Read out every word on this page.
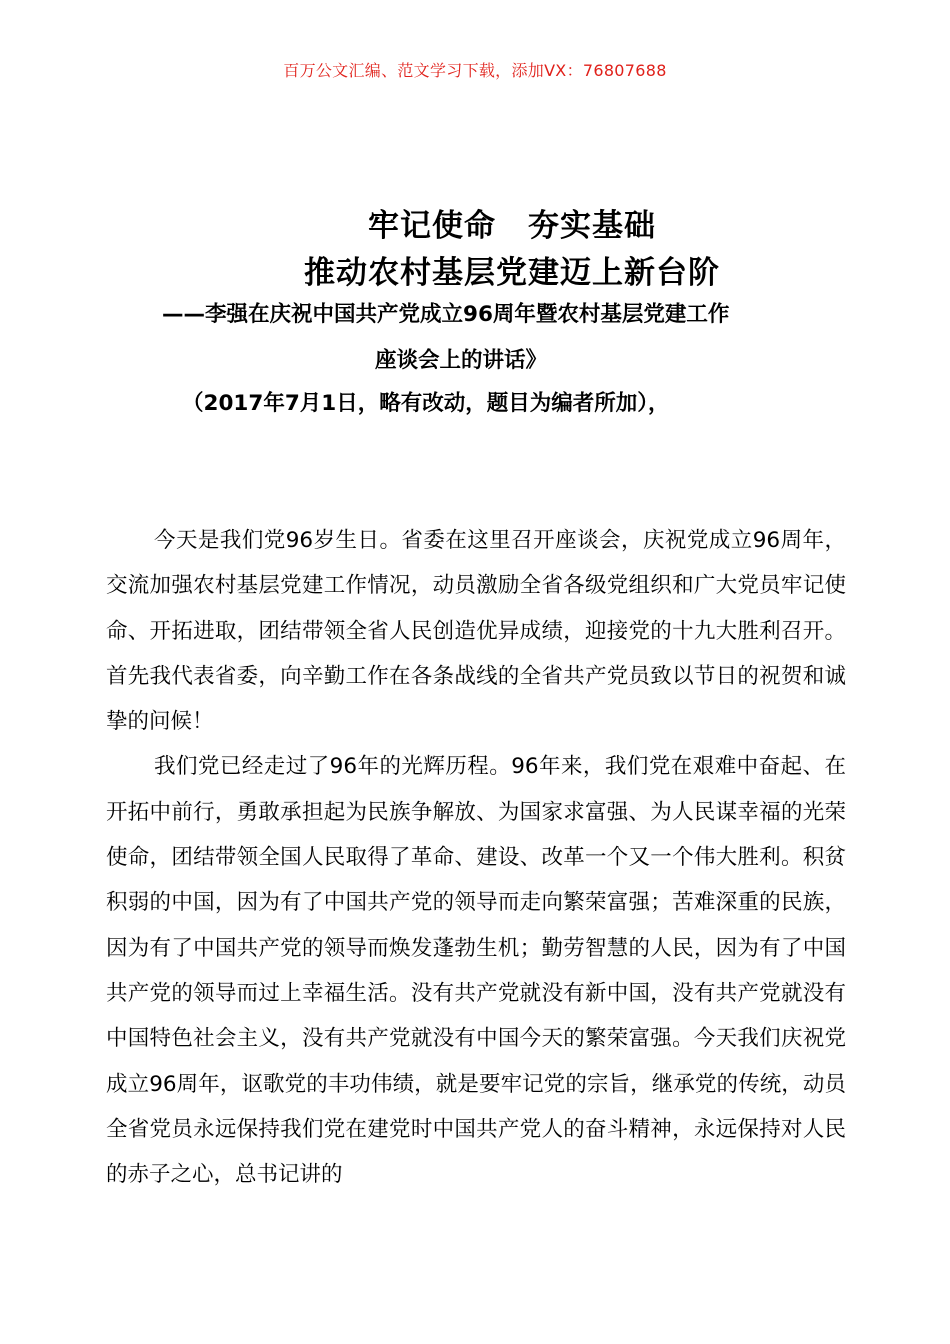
百万公文汇编、范文学习下载，添加VX：76807688
牢记使命　夯实基础
推动农村基层党建迈上新台阶
——李强在庆祝中国共产党成立96周年暨农村基层党建工作
座谈会上的讲话》
（2017年7月1日，略有改动，题目为编者所加），

今天是我们党96岁生日。省委在这里召开座谈会，庆祝党成立96周年，交流加强农村基层党建工作情况，动员激励全省各级党组织和广大党员牢记使命、开拓进取，团结带领全省人民创造优异成绩，迎接党的十九大胜利召开。首先我代表省委，向辛勤工作在各条战线的全省共产党员致以节日的祝贺和诚挚的问候！

我们党已经走过了96年的光辉历程。96年来，我们党在艰难中奋起、在开拓中前行，勇敢承担起为民族争解放、为国家求富强、为人民谋幸福的光荣使命，团结带领全国人民取得了革命、建设、改革一个又一个伟大胜利。积贫积弱的中国，因为有了中国共产党的领导而走向繁荣富强；苦难深重的民族，因为有了中国共产党的领导而焕发蓬勃生机；勤劳智慧的人民，因为有了中国共产党的领导而过上幸福生活。没有共产党就没有新中国，没有共产党就没有中国特色社会主义，没有共产党就没有中国今天的繁荣富强。今天我们庆祝党成立96周年，讴歌党的丰功伟绩，就是要牢记党的宗旨，继承党的传统，动员全省党员永远保持我们党在建党时中国共产党人的奋斗精神，永远保持对人民的赤子之心，总书记讲的
